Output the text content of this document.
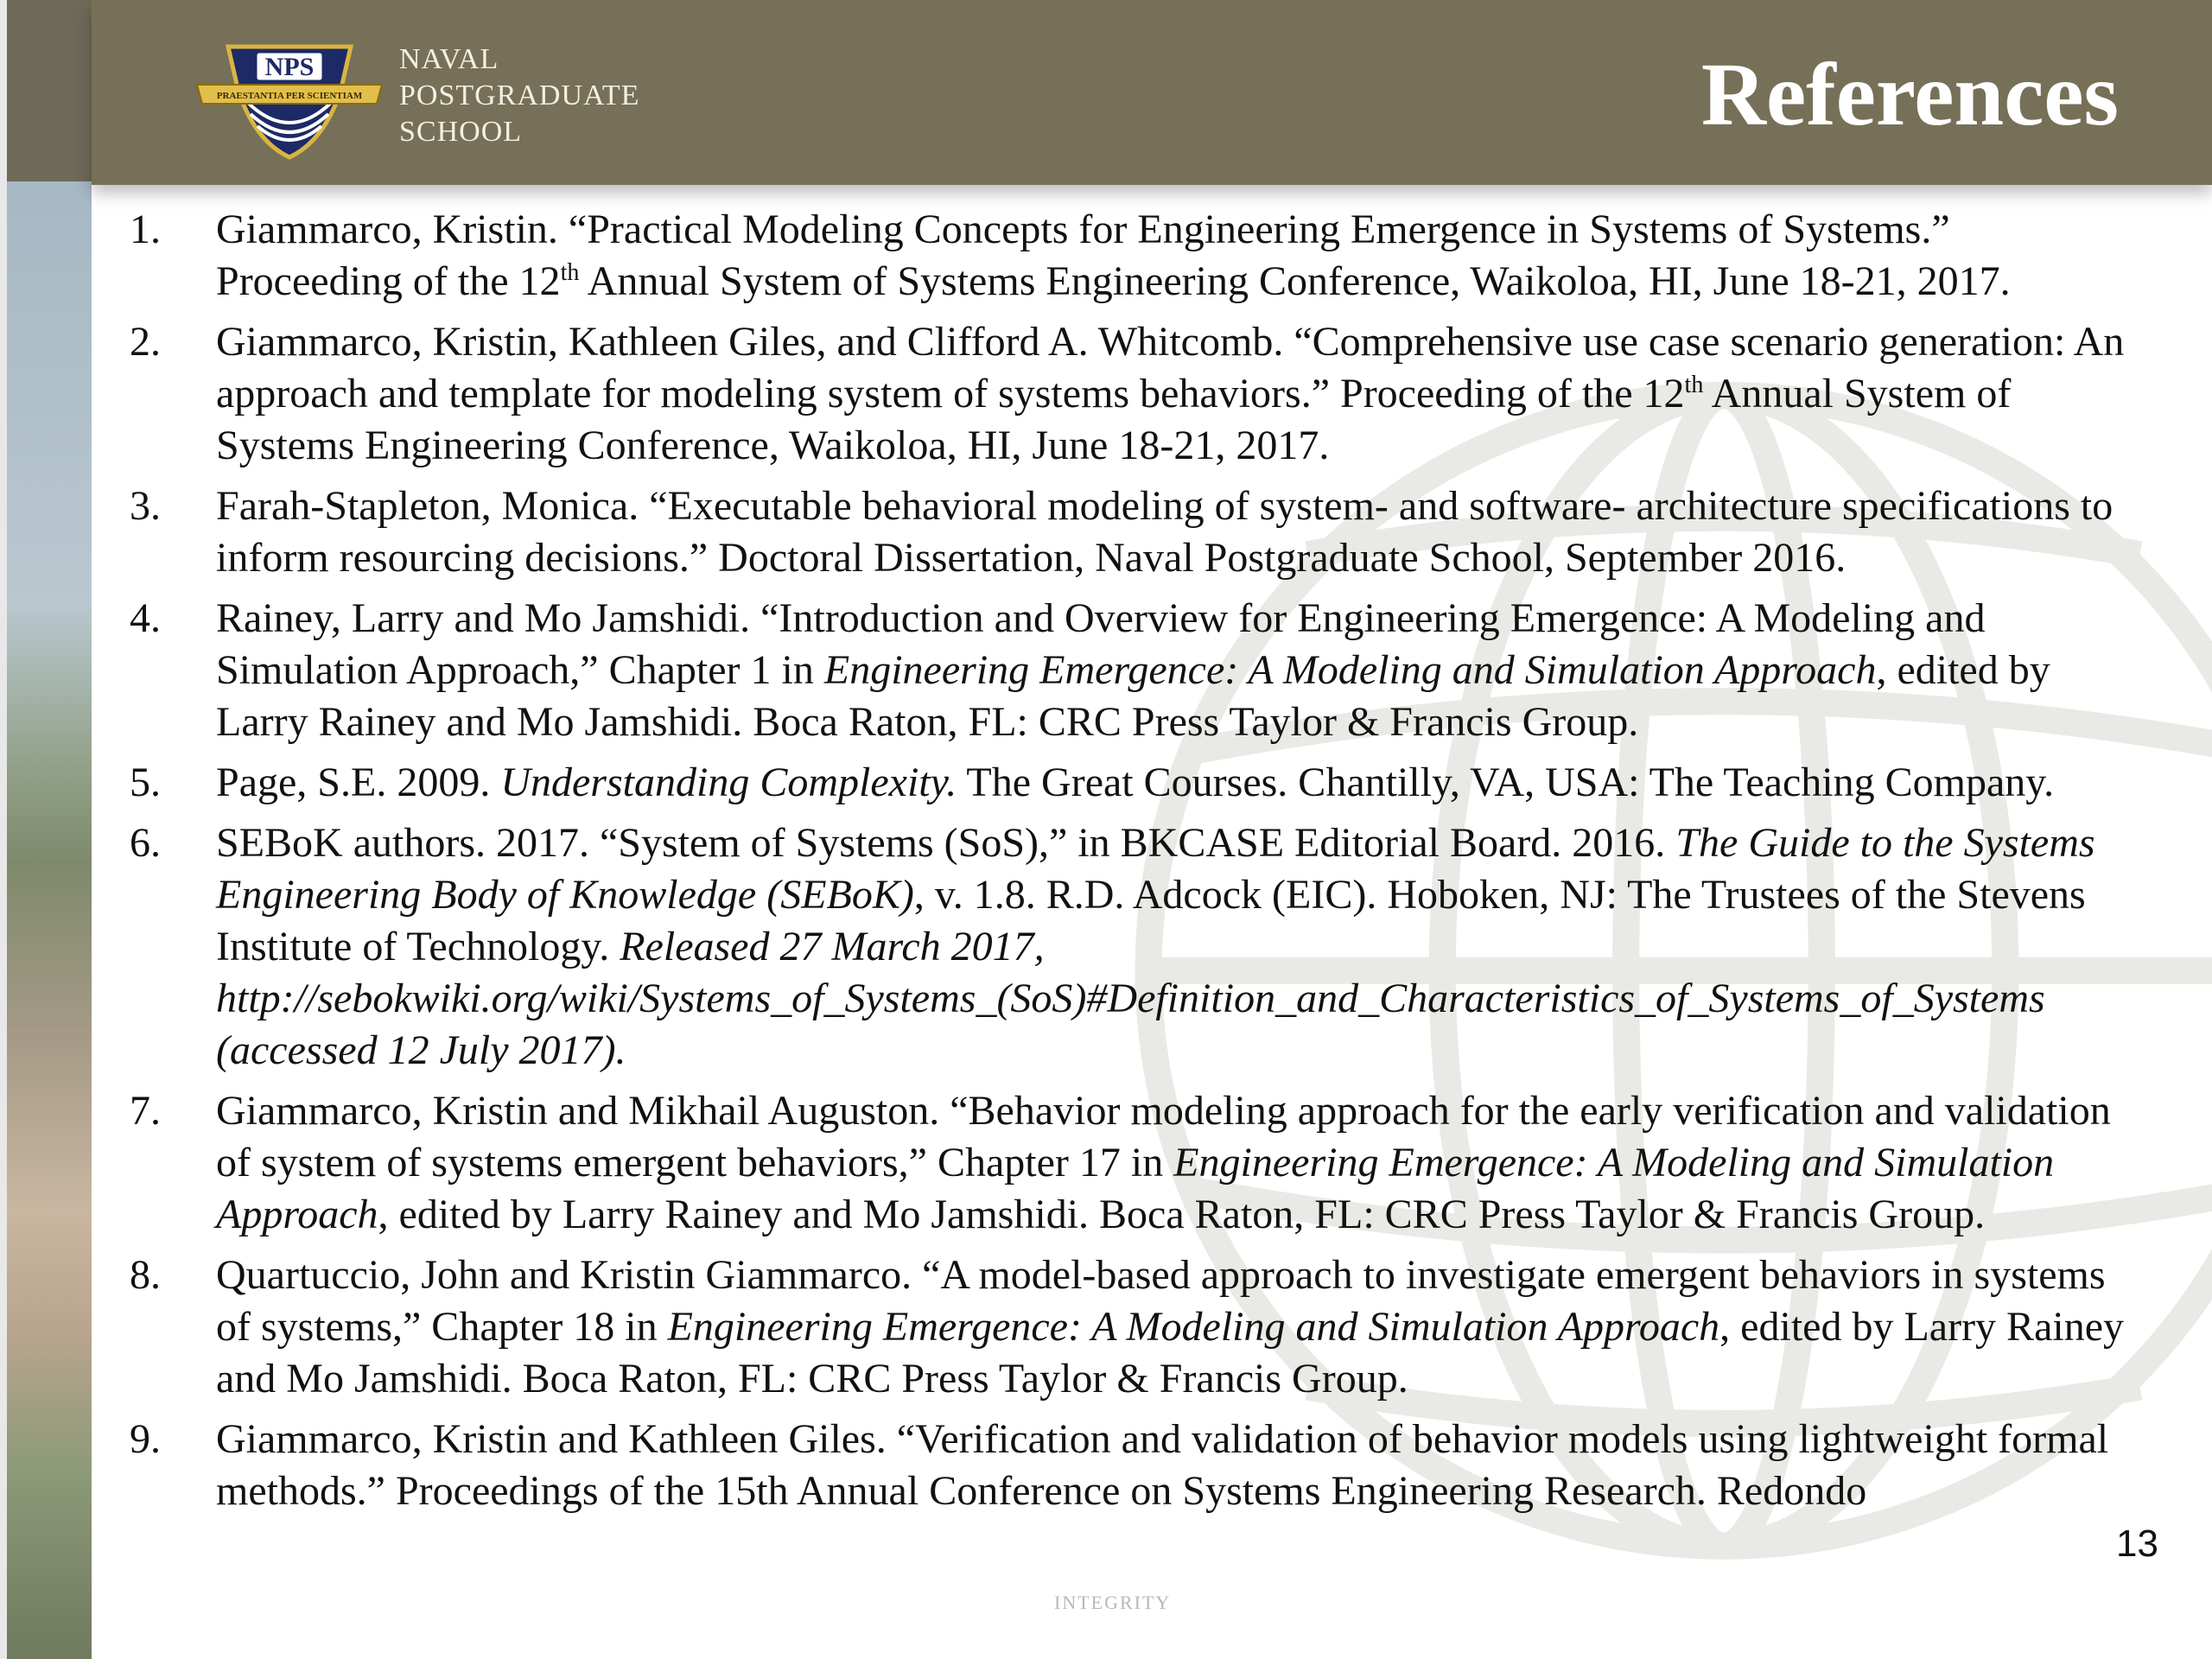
NPS
PRAESTANTIA PER SCIENTIAM
NAVAL
POSTGRADUATE
SCHOOL	References
1. Giammarco, Kristin. “Practical Modeling Concepts for Engineering Emergence in Systems of Systems.” Proceeding of the 12th Annual System of Systems Engineering Conference, Waikoloa, HI, June 18-21, 2017.
2. Giammarco, Kristin, Kathleen Giles, and Clifford A. Whitcomb. “Comprehensive use case scenario generation: An approach and template for modeling system of systems behaviors.” Proceeding of the 12th Annual System of Systems Engineering Conference, Waikoloa, HI, June 18-21, 2017.
3. Farah-Stapleton, Monica. “Executable behavioral modeling of system- and software- architecture specifications to inform resourcing decisions.” Doctoral Dissertation, Naval Postgraduate School, September 2016.
4. Rainey, Larry and Mo Jamshidi. “Introduction and Overview for Engineering Emergence: A Modeling and Simulation Approach,” Chapter 1 in Engineering Emergence: A Modeling and Simulation Approach, edited by Larry Rainey and Mo Jamshidi. Boca Raton, FL: CRC Press Taylor & Francis Group.
5. Page, S.E. 2009. Understanding Complexity. The Great Courses. Chantilly, VA, USA: The Teaching Company.
6. SEBoK authors. 2017. “System of Systems (SoS),” in BKCASE Editorial Board. 2016. The Guide to the Systems Engineering Body of Knowledge (SEBoK), v. 1.8. R.D. Adcock (EIC). Hoboken, NJ: The Trustees of the Stevens Institute of Technology. Released 27 March 2017, http://sebokwiki.org/wiki/Systems_of_Systems_(SoS)#Definition_and_Characteristics_of_Systems_of_Systems (accessed 12 July 2017).
7. Giammarco, Kristin and Mikhail Auguston. “Behavior modeling approach for the early verification and validation of system of systems emergent behaviors,” Chapter 17 in Engineering Emergence: A Modeling and Simulation Approach, edited by Larry Rainey and Mo Jamshidi. Boca Raton, FL: CRC Press Taylor & Francis Group.
8. Quartuccio, John and Kristin Giammarco. “A model-based approach to investigate emergent behaviors in systems of systems,” Chapter 18 in Engineering Emergence: A Modeling and Simulation Approach, edited by Larry Rainey and Mo Jamshidi. Boca Raton, FL: CRC Press Taylor & Francis Group.
9. Giammarco, Kristin and Kathleen Giles. “Verification and validation of behavior models using lightweight formal methods.” Proceedings of the 15th Annual Conference on Systems Engineering Research. Redondo
13
INTEGRITY
